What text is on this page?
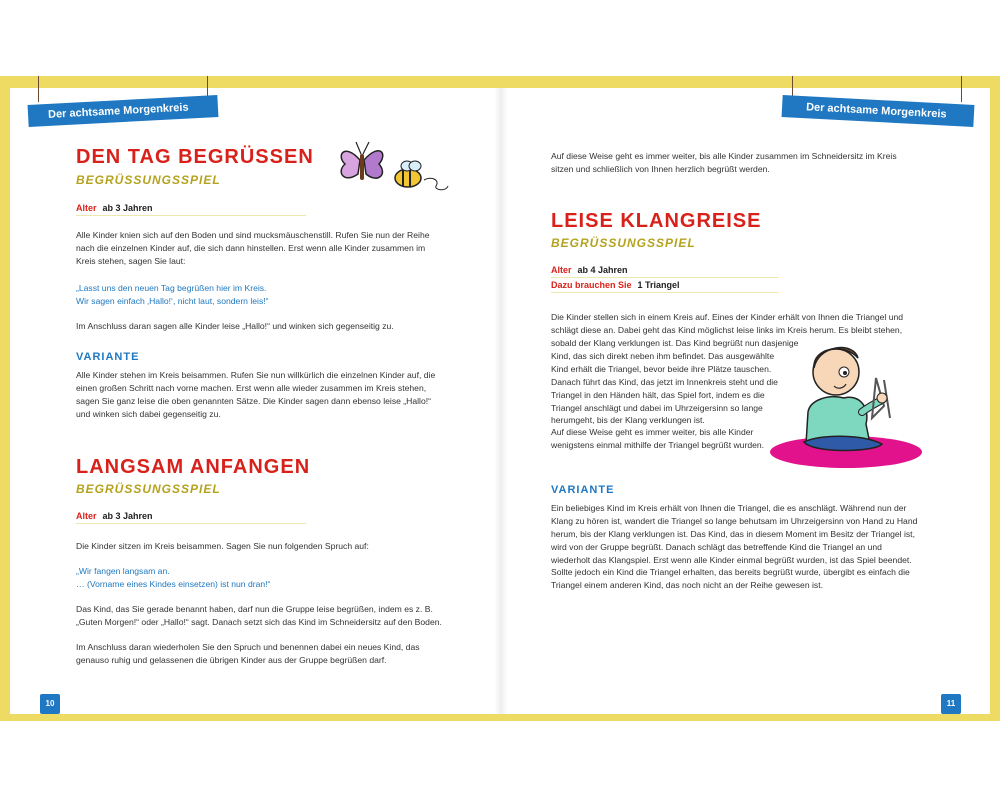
Der achtsame Morgenkreis	Der achtsame Morgenkreis
DEN TAG BEGRÜSSEN
BEGRÜSSUNGSSPIEL
Alter ab 3 Jahren
Alle Kinder knien sich auf den Boden und sind mucksmäuschenstill. Rufen Sie nun der Reihe nach die einzelnen Kinder auf, die sich dann hinstellen. Erst wenn alle Kinder zusammen im Kreis stehen, sagen Sie laut:
„Lasst uns den neuen Tag begrüßen hier im Kreis.
Wir sagen einfach ‚Hallo!‘, nicht laut, sondern leis!“
Im Anschluss daran sagen alle Kinder leise „Hallo!“ und winken sich gegenseitig zu.
VARIANTE
Alle Kinder stehen im Kreis beisammen. Rufen Sie nun willkürlich die einzelnen Kinder auf, die einen großen Schritt nach vorne machen. Erst wenn alle wieder zusammen im Kreis stehen, sagen Sie ganz leise die oben genannten Sätze. Die Kinder sagen dann ebenso leise „Hallo!“ und winken sich dabei gegenseitig zu.
LANGSAM ANFANGEN
BEGRÜSSUNGSSPIEL
Alter ab 3 Jahren
Die Kinder sitzen im Kreis beisammen. Sagen Sie nun folgenden Spruch auf:
„Wir fangen langsam an.
… (Vorname eines Kindes einsetzen) ist nun dran!“
Das Kind, das Sie gerade benannt haben, darf nun die Gruppe leise begrüßen, indem es z. B. „Guten Morgen!“ oder „Hallo!“ sagt. Danach setzt sich das Kind im Schneidersitz auf den Boden.
Im Anschluss daran wiederholen Sie den Spruch und benennen dabei ein neues Kind, das genauso ruhig und gelassenen die übrigen Kinder aus der Gruppe begrüßen darf.
10
Auf diese Weise geht es immer weiter, bis alle Kinder zusammen im Schneidersitz im Kreis sitzen und schließlich von Ihnen herzlich begrüßt werden.
LEISE KLANGREISE
BEGRÜSSUNGSSPIEL
Alter ab 4 Jahren
Dazu brauchen Sie 1 Triangel
Die Kinder stellen sich in einem Kreis auf. Eines der Kinder erhält von Ihnen die Triangel und schlägt diese an. Dabei geht das Kind möglichst leise links im Kreis herum. Es bleibt stehen, sobald der Klang verklungen ist. Das Kind begrüßt nun dasjenige
Kind, das sich direkt neben ihm befindet. Das ausgewählte Kind erhält die Triangel, bevor beide ihre Plätze tauschen. Danach führt das Kind, das jetzt im Innenkreis steht und die Triangel in den Händen hält, das Spiel fort, indem es die Triangel anschlägt und dabei im Uhrzeigersinn so lange herumgeht, bis der Klang verklungen ist.
Auf diese Weise geht es immer weiter, bis alle Kinder wenigstens einmal mithilfe der Triangel begrüßt wurden.
VARIANTE
Ein beliebiges Kind im Kreis erhält von Ihnen die Triangel, die es anschlägt. Während nun der Klang zu hören ist, wandert die Triangel so lange behutsam im Uhrzeigersinn von Hand zu Hand herum, bis der Klang verklungen ist. Das Kind, das in diesem Moment im Besitz der Triangel ist, wird von der Gruppe begrüßt. Danach schlägt das betreffende Kind die Triangel an und wiederholt das Klangspiel. Erst wenn alle Kinder einmal begrüßt wurden, ist das Spiel beendet. Sollte jedoch ein Kind die Triangel erhalten, das bereits begrüßt wurde, übergibt es einfach die Triangel einem anderen Kind, das noch nicht an der Reihe gewesen ist.
11
